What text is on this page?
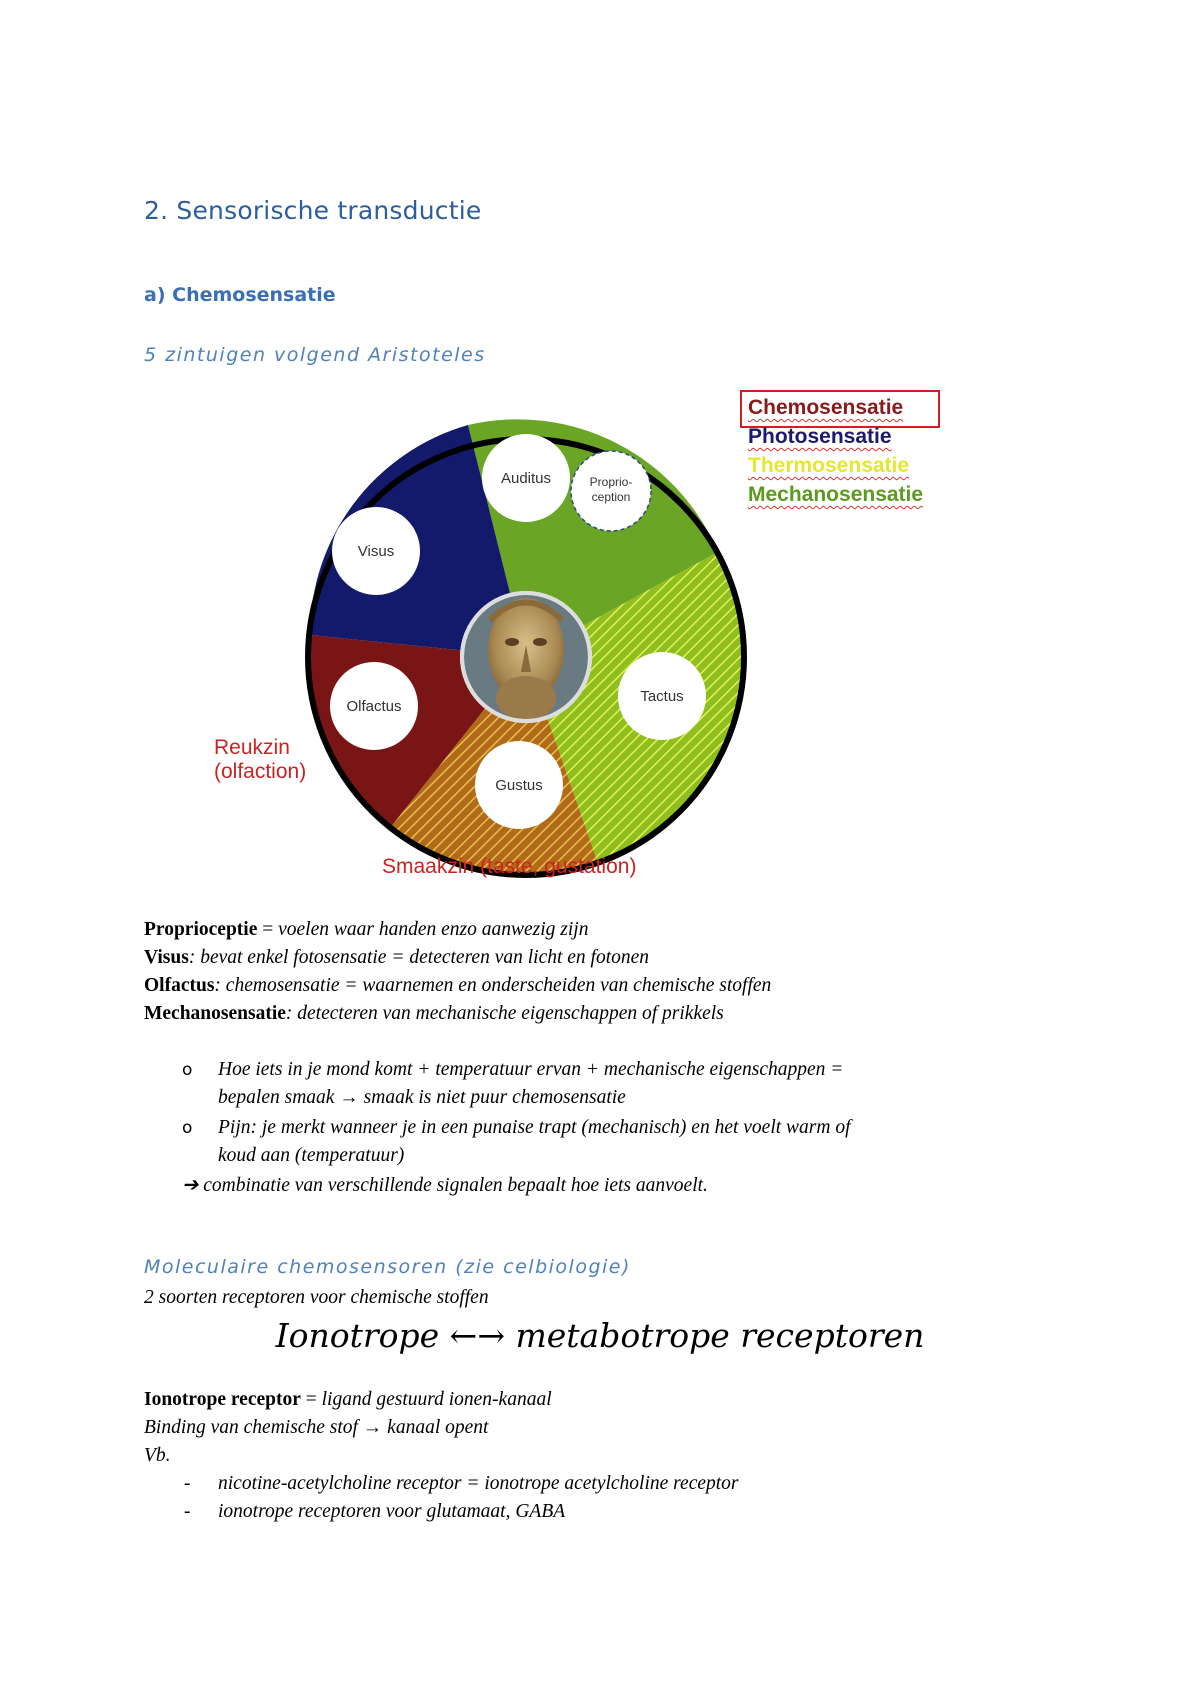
2. Sensorische transductie
a) Chemosensatie
5 zintuigen volgend Aristoteles
Auditus	Proprio-
ception
Visus
Tactus
Olfactus
Gustus
Chemosensatie
Photosensatie
Thermosensatie
Mechanosensatie
Reukzin
(olfaction)
Smaakzin (taste, gustation)
Proprioceptie = voelen waar handen enzo aanwezig zijn
Visus: bevat enkel fotosensatie = detecteren van licht en fotonen
Olfactus: chemosensatie = waarnemen en onderscheiden van chemische stoffen
Mechanosensatie: detecteren van mechanische eigenschappen of prikkels
o Hoe iets in je mond komt + temperatuur ervan + mechanische eigenschappen =
bepalen smaak → smaak is niet puur chemosensatie
o Pijn: je merkt wanneer je in een punaise trapt (mechanisch) en het voelt warm of
koud aan (temperatuur)
➔ combinatie van verschillende signalen bepaalt hoe iets aanvoelt.
Moleculaire chemosensoren (zie celbiologie)
2 soorten receptoren voor chemische stoffen
Ionotrope ←→ metabotrope receptoren
Ionotrope receptor = ligand gestuurd ionen-kanaal
Binding van chemische stof → kanaal opent
Vb.
- nicotine-acetylcholine receptor = ionotrope acetylcholine receptor
- ionotrope receptoren voor glutamaat, GABA
